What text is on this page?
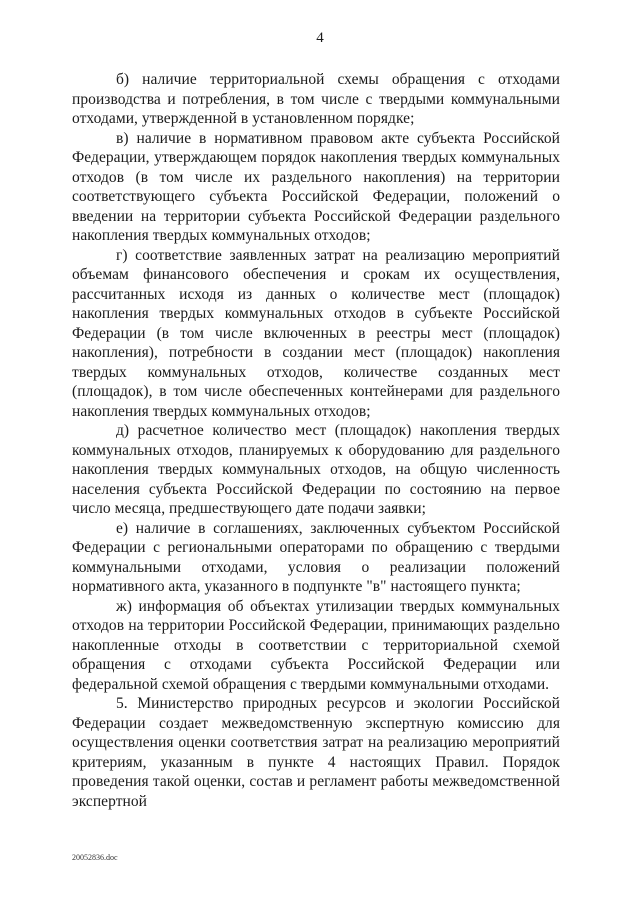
4

б) наличие территориальной схемы обращения с отходами производства и потребления, в том числе с твердыми коммунальными отходами, утвержденной в установленном порядке;

в) наличие в нормативном правовом акте субъекта Российской Федерации, утверждающем порядок накопления твердых коммунальных отходов (в том числе их раздельного накопления) на территории соответствующего субъекта Российской Федерации, положений о введении на территории субъекта Российской Федерации раздельного накопления твердых коммунальных отходов;

г) соответствие заявленных затрат на реализацию мероприятий объемам финансового обеспечения и срокам их осуществления, рассчитанных исходя из данных о количестве мест (площадок) накопления твердых коммунальных отходов в субъекте Российской Федерации (в том числе включенных в реестры мест (площадок) накопления), потребности в создании мест (площадок) накопления твердых коммунальных отходов, количестве созданных мест (площадок), в том числе обеспеченных контейнерами для раздельного накопления твердых коммунальных отходов;

д) расчетное количество мест (площадок) накопления твердых коммунальных отходов, планируемых к оборудованию для раздельного накопления твердых коммунальных отходов, на общую численность населения субъекта Российской Федерации по состоянию на первое число месяца, предшествующего дате подачи заявки;

е) наличие в соглашениях, заключенных субъектом Российской Федерации с региональными операторами по обращению с твердыми коммунальными отходами, условия о реализации положений нормативного акта, указанного в подпункте "в" настоящего пункта;

ж) информация об объектах утилизации твердых коммунальных отходов на территории Российской Федерации, принимающих раздельно накопленные отходы в соответствии с территориальной схемой обращения с отходами субъекта Российской Федерации или федеральной схемой обращения с твердыми коммунальными отходами.

5. Министерство природных ресурсов и экологии Российской Федерации создает межведомственную экспертную комиссию для осуществления оценки соответствия затрат на реализацию мероприятий критериям, указанным в пункте 4 настоящих Правил. Порядок проведения такой оценки, состав и регламент работы межведомственной экспертной

20052836.doc
